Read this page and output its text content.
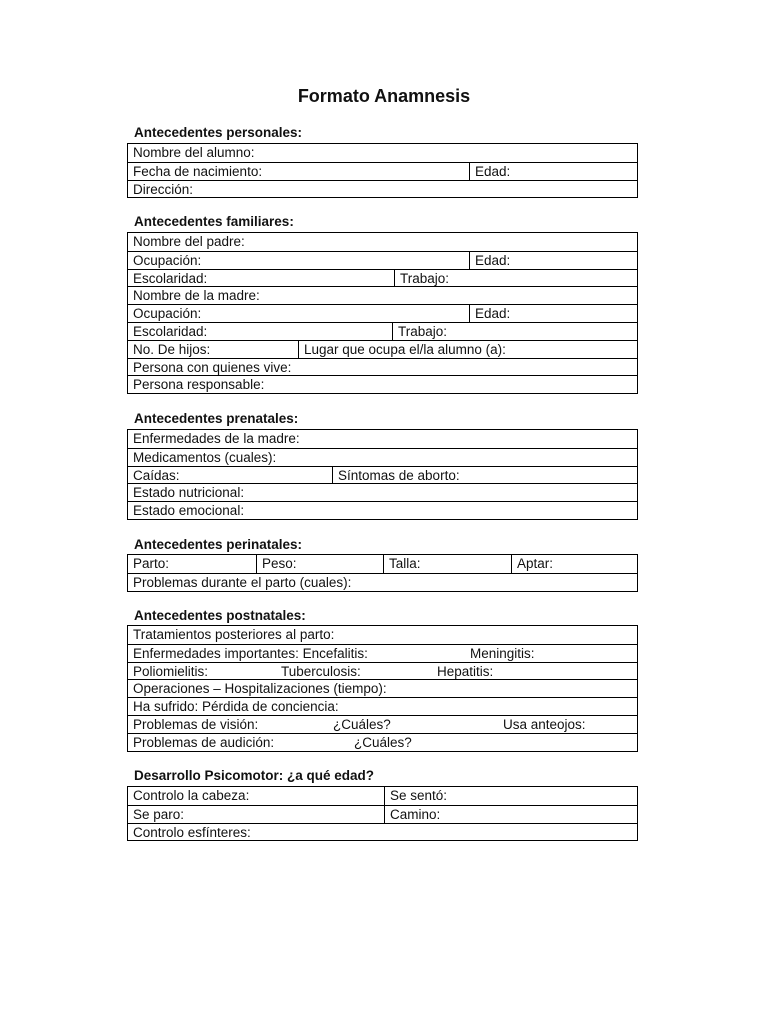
Formato Anamnesis
Antecedentes personales:
Nombre del alumno:
Fecha de nacimiento:	Edad:
Dirección:
Antecedentes familiares:
Nombre del padre:
Ocupación:	Edad:
Escolaridad:	Trabajo:
Nombre de la madre:
Ocupación:	Edad:
Escolaridad:	Trabajo:
No. De hijos:	Lugar que ocupa el/la alumno (a):
Persona con quienes vive:
Persona responsable:
Antecedentes prenatales:
Enfermedades de la madre:
Medicamentos (cuales):
Caídas:	Síntomas de aborto:
Estado nutricional:
Estado emocional:
Antecedentes perinatales:
Parto:	Peso:	Talla:	Aptar:
Problemas durante el parto (cuales):
Antecedentes postnatales:
Tratamientos posteriores al parto:
Enfermedades importantes: Encefalitis:	Meningitis:
Poliomielitis:	Tuberculosis:	Hepatitis:
Operaciones – Hospitalizaciones (tiempo):
Ha sufrido: Pérdida de conciencia:
Problemas de visión:	¿Cuáles?	Usa anteojos:
Problemas de audición:	¿Cuáles?
Desarrollo Psicomotor: ¿a qué edad?
Controlo la cabeza:	Se sentó:
Se paro:	Camino:
Controlo esfínteres:
